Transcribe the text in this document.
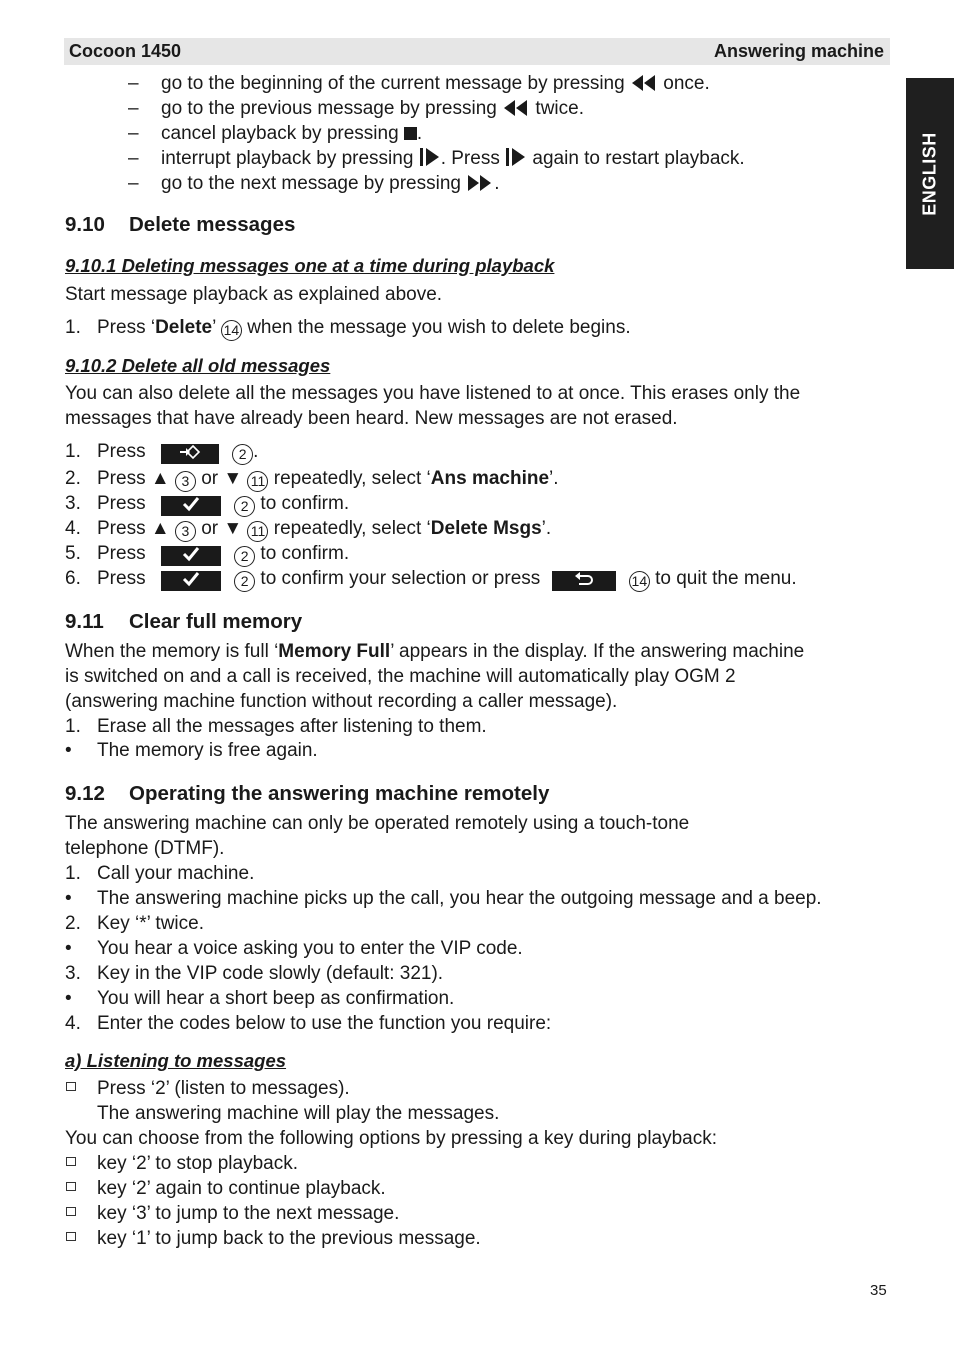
Cocoon 1450	Answering machine
ENGLISH
– go to the beginning of the current message by pressing once.
– go to the previous message by pressing twice.
– cancel playback by pressing .
– interrupt playback by pressing . Press again to restart playback.
– go to the next message by pressing .
9.10 Delete messages
9.10.1 Deleting messages one at a time during playback
Start message playback as explained above.
1. Press ‘Delete’ 14 when the message you wish to delete begins.
9.10.2 Delete all old messages
You can also delete all the messages you have listened to at once. This erases only the
messages that have already been heard. New messages are not erased.
1. Press	2 .
2. Press ▲ 3 or ▼ 11 repeatedly, select ‘Ans machine’.
3. Press	2 to confirm.
4. Press ▲ 3 or ▼ 11 repeatedly, select ‘Delete Msgs’.
5. Press	2 to confirm.
6. Press	2 to confirm your selection or press	14 to quit the menu.
9.11 Clear full memory
When the memory is full ‘Memory Full’ appears in the display. If the answering machine
is switched on and a call is received, the machine will automatically play OGM 2
(answering machine function without recording a caller message).
1. Erase all the messages after listening to them.
• The memory is free again.
9.12 Operating the answering machine remotely
The answering machine can only be operated remotely using a touch-tone
telephone (DTMF).
1. Call your machine.
• The answering machine picks up the call, you hear the outgoing message and a beep.
2. Key ‘*’ twice.
• You hear a voice asking you to enter the VIP code.
3. Key in the VIP code slowly (default: 321).
• You will hear a short beep as confirmation.
4. Enter the codes below to use the function you require:
a) Listening to messages
Press ‘2’ (listen to messages).
The answering machine will play the messages.
You can choose from the following options by pressing a key during playback:
key ‘2’ to stop playback.
key ‘2’ again to continue playback.
key ‘3’ to jump to the next message.
key ‘1’ to jump back to the previous message.
35
